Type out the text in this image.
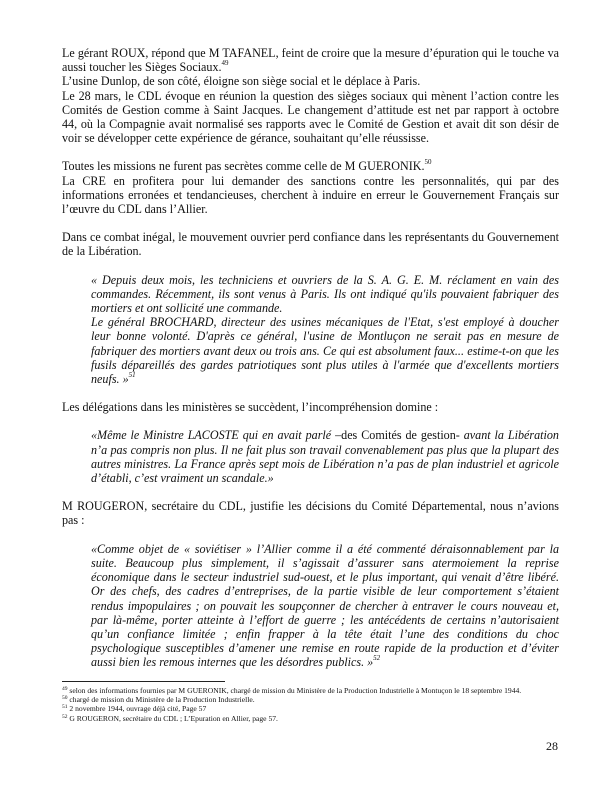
Le gérant ROUX, répond que M TAFANEL, feint de croire que la mesure d’épuration qui le touche va aussi toucher les Sièges Sociaux.$^{49}$

L’usine Dunlop, de son côté, éloigne son siège social et le déplace à Paris.

Le 28 mars, le CDL évoque en réunion la question des sièges sociaux qui mènent l’action contre les Comités de Gestion comme à Saint Jacques. Le changement d’attitude est net par rapport à octobre 44, où la Compagnie avait normalisé ses rapports avec le Comité de Gestion et avait dit son désir de voir se développer cette expérience de gérance, souhaitant qu’elle réussisse.

Toutes les missions ne furent pas secrètes comme celle de M GUERONIK.$^{50}$

La CRE en profitera pour lui demander des sanctions contre les personnalités, qui par des informations erronées et tendancieuses, cherchent à induire en erreur le Gouvernement Français sur l’œuvre du CDL dans l’Allier.

Dans ce combat inégal, le mouvement ouvrier perd confiance dans les représentants du Gouvernement de la Libération.

« Depuis deux mois, les techniciens et ouvriers de la S. A. G. E. M. réclament en vain des commandes. Récemment, ils sont venus à Paris. Ils ont indiqué qu'ils pouvaient fabriquer des mortiers et ont sollicité une commande.

Le général BROCHARD, directeur des usines mécaniques de l'Etat, s'est employé à doucher leur bonne volonté. D'après ce général, l'usine de Montluçon ne serait pas en mesure de fabriquer des mortiers avant deux ou trois ans. Ce qui est absolument faux... estime-t-on que les fusils dépareillés des gardes patriotiques sont plus utiles à l'armée que d'excellents mortiers neufs. »$^{51}$

Les délégations dans les ministères se succèdent, l’incompréhension domine :

«Même le Ministre LACOSTE qui en avait parlé –des Comités de gestion- avant la Libération n’a pas compris non plus. Il ne fait plus son travail convenablement pas plus que la plupart des autres ministres. La France après sept mois de Libération n’a pas de plan industriel et agricole d’établi, c’est vraiment un scandale.»

M ROUGERON, secrétaire du CDL, justifie les décisions du Comité Départemental, nous n’avions pas :

«Comme objet de « soviétiser » l’Allier comme il a été commenté déraisonnablement par la suite. Beaucoup plus simplement, il s’agissait d’assurer sans atermoiement la reprise économique dans le secteur industriel sud-ouest, et le plus important, qui venait d’être libéré. Or des chefs, des cadres d’entreprises, de la partie visible de leur comportement s’étaient rendus impopulaires ; on pouvait les soupçonner de chercher à entraver le cours nouveau et, par là-même, porter atteinte à l’effort de guerre ; les antécédents de certains n’autorisaient qu’un confiance limitée ; enfin frapper à la tête était l’une des conditions du choc psychologique susceptibles d’amener une remise en route rapide de la production et d’éviter aussi bien les remous internes que les désordres publics. »$^{52}$

$^{49}$ selon des informations fournies par M GUERONIK, chargé de mission du Ministère de la Production Industrielle à Montuçon le 18 septembre 1944.
$^{50}$ chargé de mission du Ministère de la Production Industrielle.
$^{51}$ 2 novembre 1944, ouvrage déjà cité, Page 57
$^{52}$ G ROUGERON, secrétaire du CDL ; L’Epuration en Allier, page 57.
28
